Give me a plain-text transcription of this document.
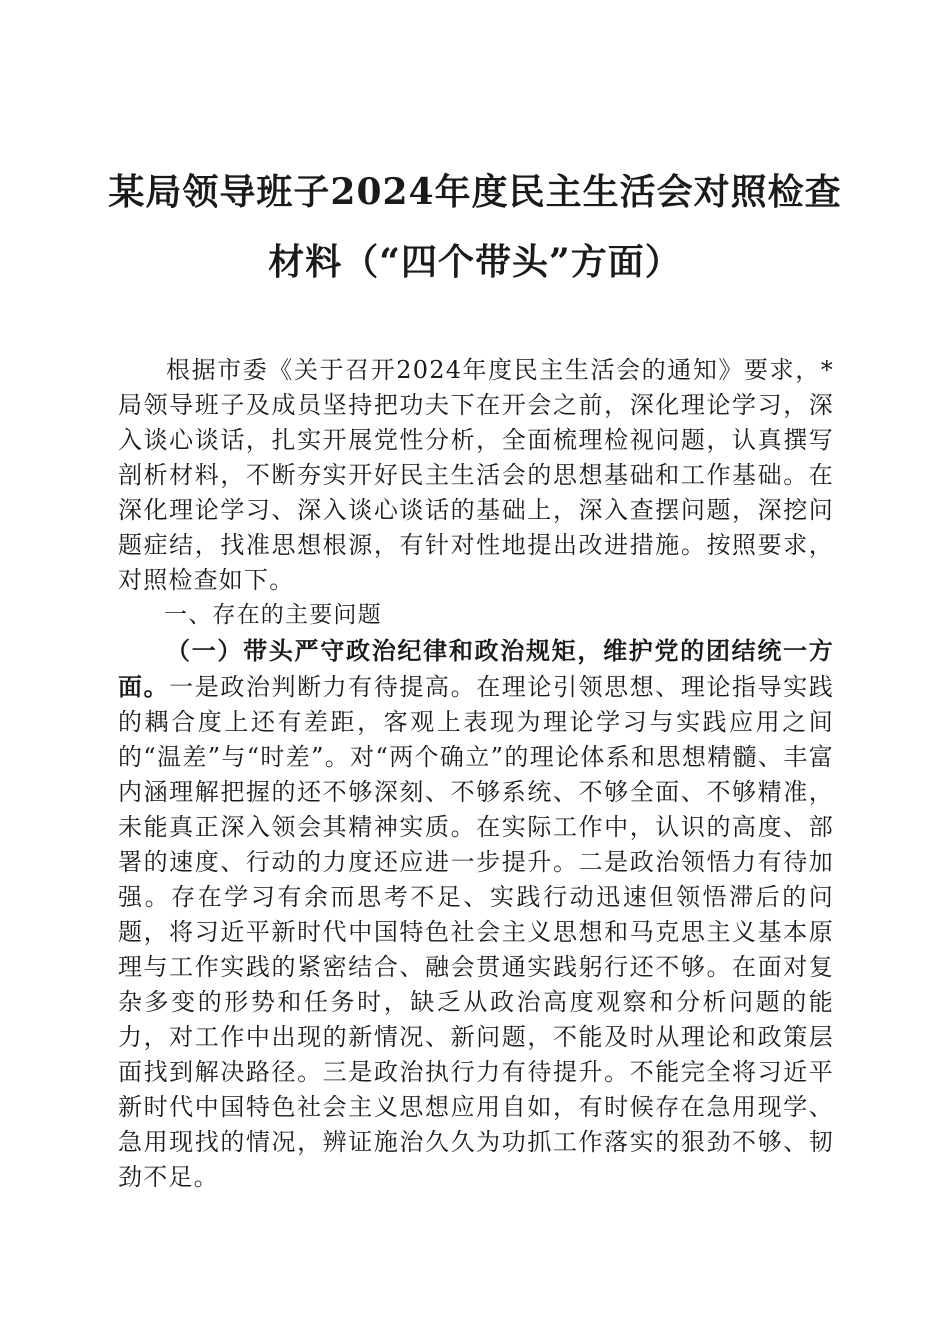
某局领导班子2024年度民主生活会对照检查
材料（“四个带头”方面）

根据市委《关于召开2024年度民主生活会的通知》要求，*局领导班子及成员坚持把功夫下在开会之前，深化理论学习，深入谈心谈话，扎实开展党性分析，全面梳理检视问题，认真撰写剖析材料，不断夯实开好民主生活会的思想基础和工作基础。在深化理论学习、深入谈心谈话的基础上，深入查摆问题，深挖问题症结，找准思想根源，有针对性地提出改进措施。按照要求，对照检查如下。

一、存在的主要问题

（一）带头严守政治纪律和政治规矩，维护党的团结统一方面。一是政治判断力有待提高。在理论引领思想、理论指导实践的耦合度上还有差距，客观上表现为理论学习与实践应用之间的“温差”与“时差”。对“两个确立”的理论体系和思想精髓、丰富内涵理解把握的还不够深刻、不够系统、不够全面、不够精准，未能真正深入领会其精神实质。在实际工作中，认识的高度、部署的速度、行动的力度还应进一步提升。二是政治领悟力有待加强。存在学习有余而思考不足、实践行动迅速但领悟滞后的问题，将习近平新时代中国特色社会主义思想和马克思主义基本原理与工作实践的紧密结合、融会贯通实践躬行还不够。在面对复杂多变的形势和任务时，缺乏从政治高度观察和分析问题的能力，对工作中出现的新情况、新问题，不能及时从理论和政策层面找到解决路径。三是政治执行力有待提升。不能完全将习近平新时代中国特色社会主义思想应用自如，有时候存在急用现学、急用现找的情况，辨证施治久久为功抓工作落实的狠劲不够、韧劲不足。
